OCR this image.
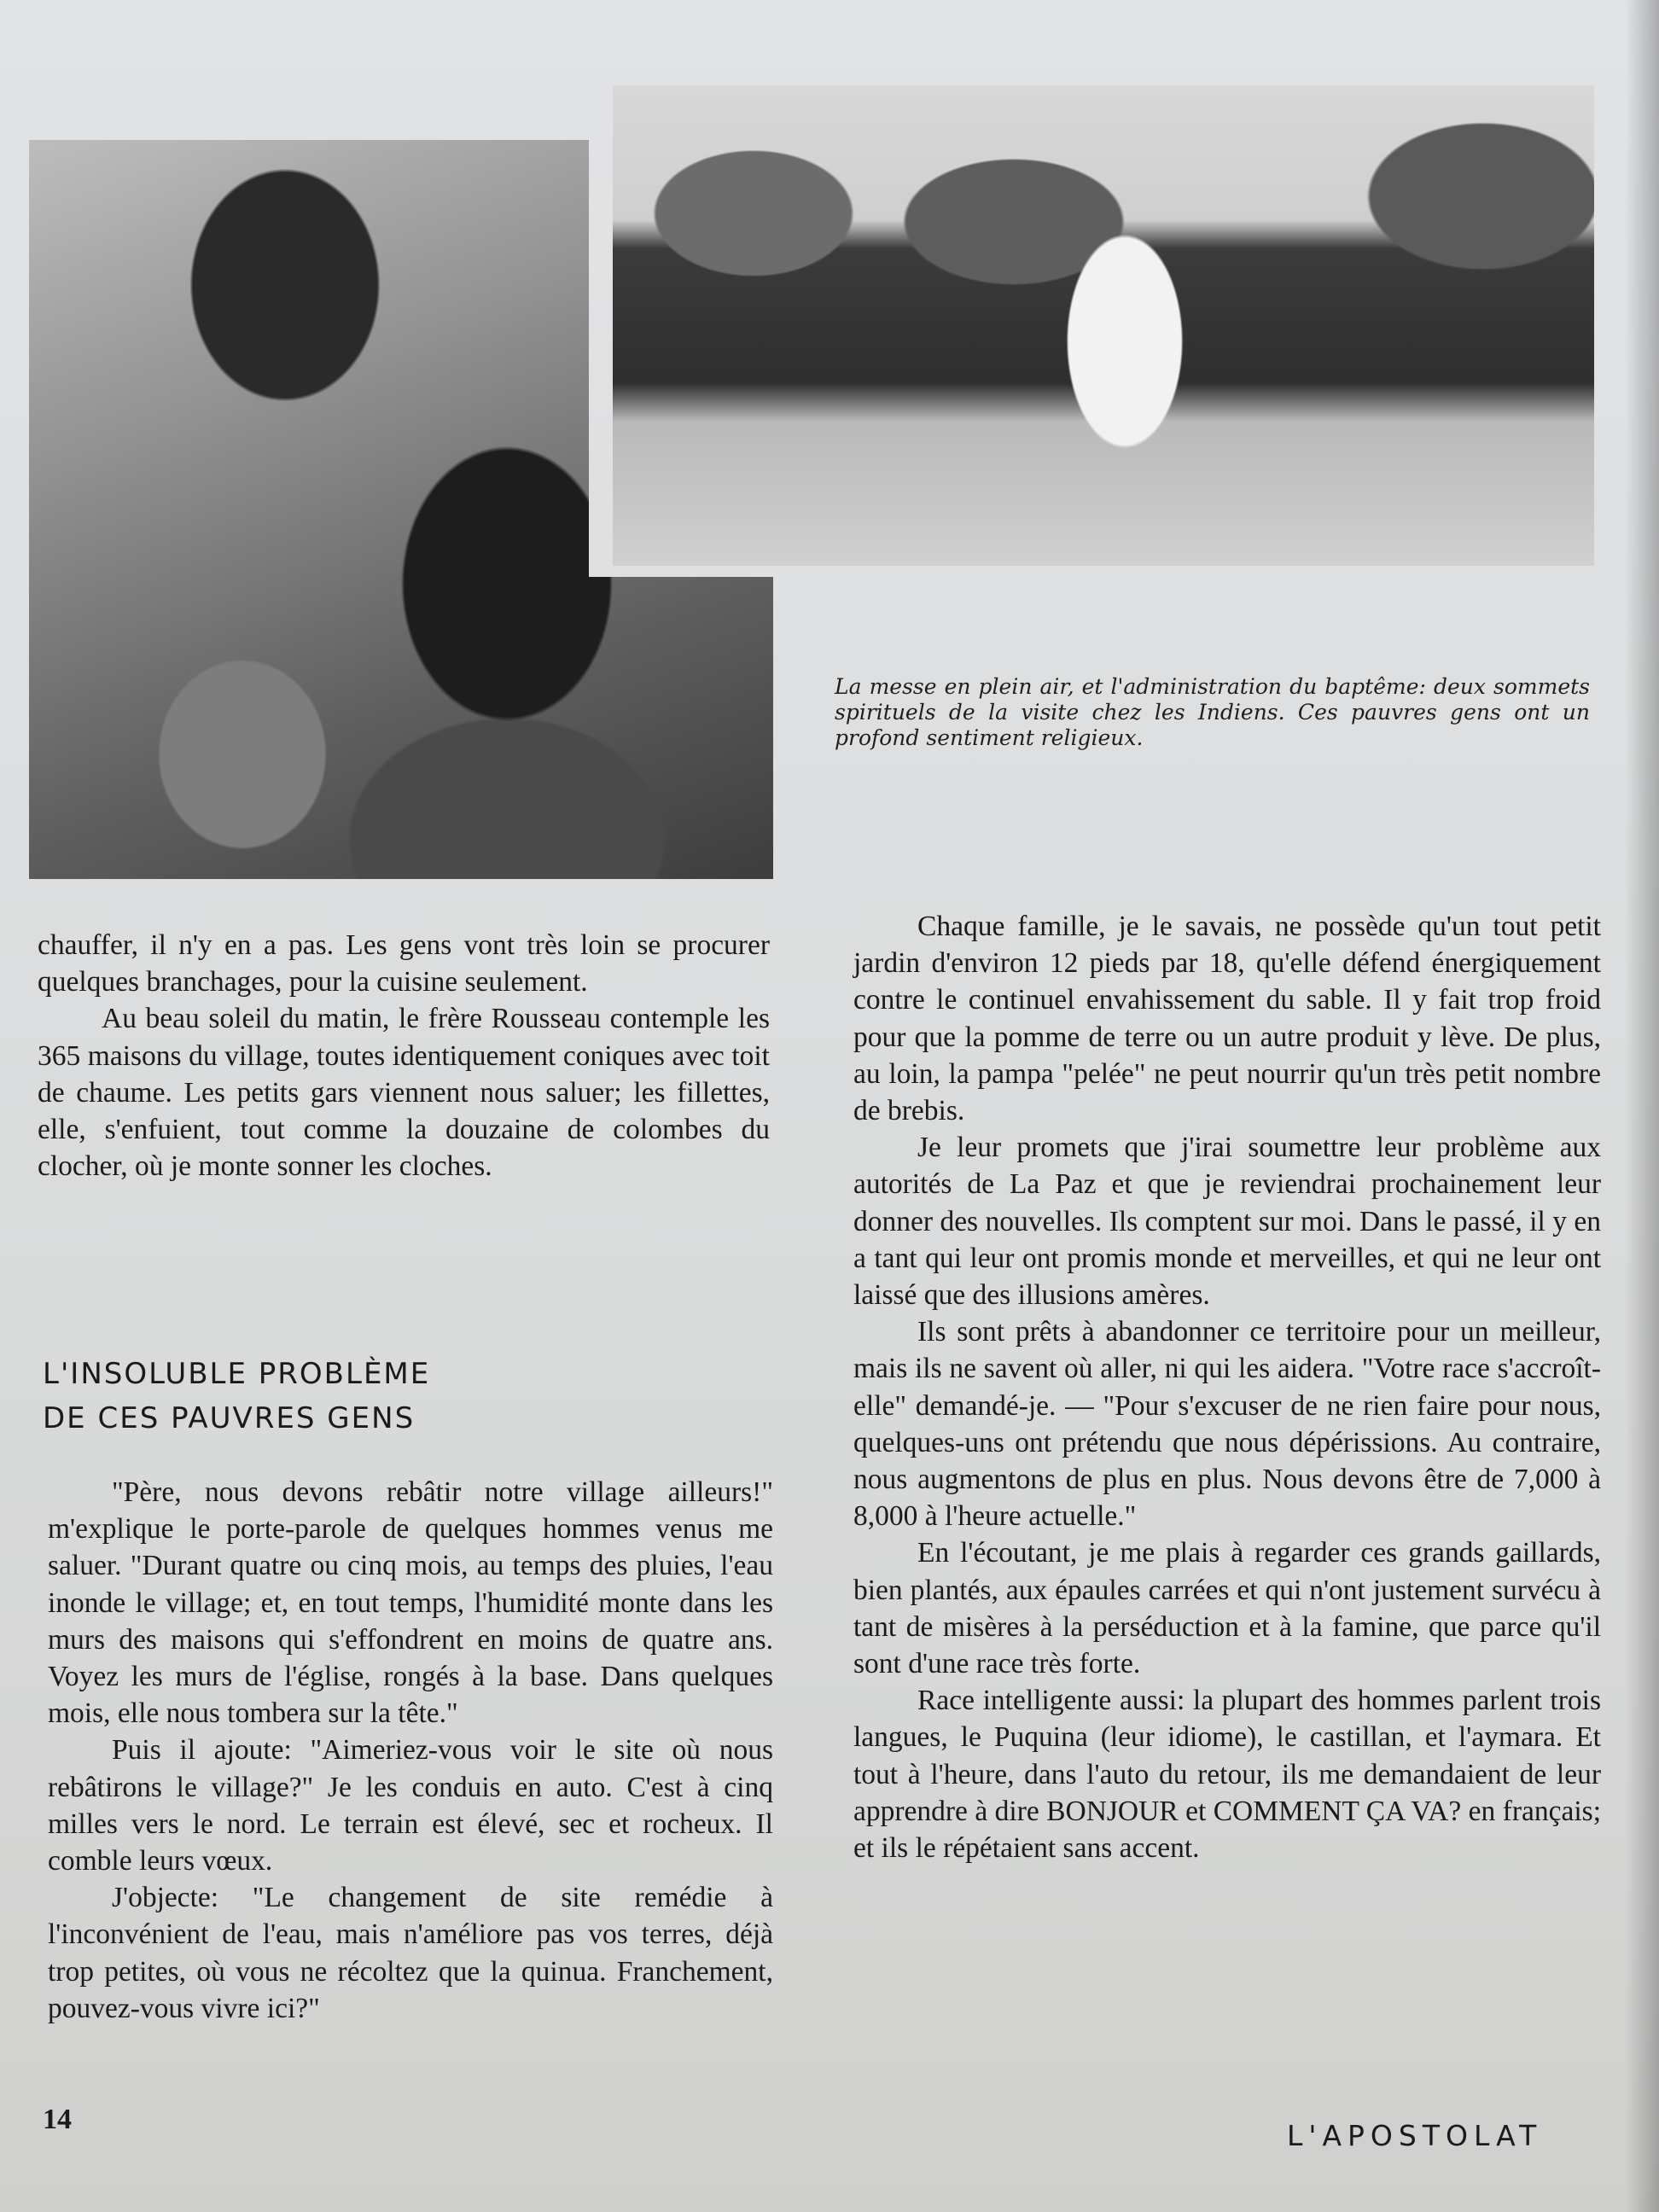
La messe en plein air, et l'administration du baptême: deux sommets spirituels de la visite chez les Indiens. Ces pauvres gens ont un profond sentiment religieux.

chauffer, il n'y en a pas. Les gens vont très loin se procurer quelques branchages, pour la cuisine seulement.

Au beau soleil du matin, le frère Rousseau contemple les 365 maisons du village, toutes identiquement coniques avec toit de chaume. Les petits gars viennent nous saluer; les fillettes, elle, s'enfuient, tout comme la douzaine de colombes du clocher, où je monte sonner les cloches.

L'INSOLUBLE PROBLÈME
DE CES PAUVRES GENS

"Père, nous devons rebâtir notre village ailleurs!" m'explique le porte-parole de quelques hommes venus me saluer. "Durant quatre ou cinq mois, au temps des pluies, l'eau inonde le village; et, en tout temps, l'humidité monte dans les murs des maisons qui s'effondrent en moins de quatre ans. Voyez les murs de l'église, rongés à la base. Dans quelques mois, elle nous tombera sur la tête."

Puis il ajoute: "Aimeriez-vous voir le site où nous rebâtirons le village?" Je les conduis en auto. C'est à cinq milles vers le nord. Le terrain est élevé, sec et rocheux. Il comble leurs vœux.

J'objecte: "Le changement de site remédie à l'inconvénient de l'eau, mais n'améliore pas vos terres, déjà trop petites, où vous ne récoltez que la quinua. Franchement, pouvez-vous vivre ici?"

Chaque famille, je le savais, ne possède qu'un tout petit jardin d'environ 12 pieds par 18, qu'elle défend énergiquement contre le continuel envahissement du sable. Il y fait trop froid pour que la pomme de terre ou un autre produit y lève. De plus, au loin, la pampa "pelée" ne peut nourrir qu'un très petit nombre de brebis.

Je leur promets que j'irai soumettre leur problème aux autorités de La Paz et que je reviendrai prochainement leur donner des nouvelles. Ils comptent sur moi. Dans le passé, il y en a tant qui leur ont promis monde et merveilles, et qui ne leur ont laissé que des illusions amères.

Ils sont prêts à abandonner ce territoire pour un meilleur, mais ils ne savent où aller, ni qui les aidera. "Votre race s'accroît-elle" demandé-je. — "Pour s'excuser de ne rien faire pour nous, quelques-uns ont prétendu que nous dépérissions. Au contraire, nous augmentons de plus en plus. Nous devons être de 7,000 à 8,000 à l'heure actuelle."

En l'écoutant, je me plais à regarder ces grands gaillards, bien plantés, aux épaules carrées et qui n'ont justement survécu à tant de misères à la perséduction et à la famine, que parce qu'il sont d'une race très forte.

Race intelligente aussi: la plupart des hommes parlent trois langues, le Puquina (leur idiome), le castillan, et l'aymara. Et tout à l'heure, dans l'auto du retour, ils me demandaient de leur apprendre à dire BONJOUR et COMMENT ÇA VA? en français; et ils le répétaient sans accent.

14	L'APOSTOLAT
